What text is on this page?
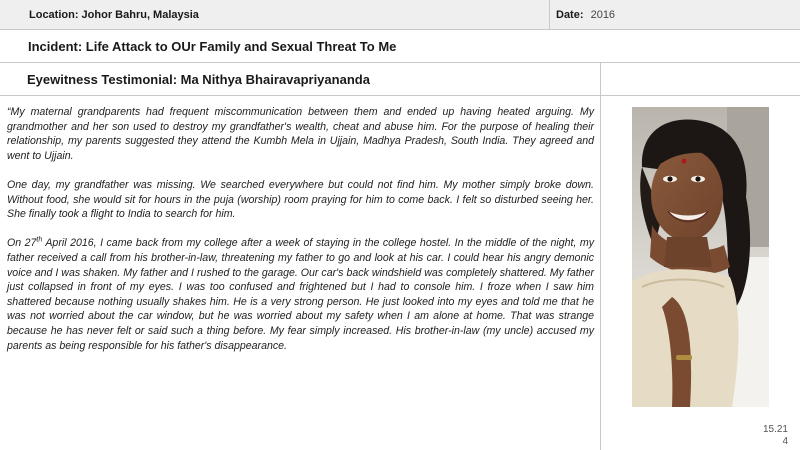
Location: Johor Bahru, Malaysia	Date: 2016
Incident: Life Attack to OUr Family and Sexual Threat To Me
Eyewitness Testimonial: Ma Nithya Bhairavapriyananda

“My maternal grandparents had frequent miscommunication between them and ended up having heated arguing. My grandmother and her son used to destroy my grandfather's wealth, cheat and abuse him. For the purpose of healing their relationship, my parents suggested they attend the Kumbh Mela in Ujjain, Madhya Pradesh, South India. They agreed and went to Ujjain.

One day, my grandfather was missing. We searched everywhere but could not find him. My mother simply broke down. Without food, she would sit for hours in the puja (worship) room praying for him to come back. I felt so disturbed seeing her. She finally took a flight to India to search for him.

On 27th April 2016, I came back from my college after a week of staying in the college hostel. In the middle of the night, my father received a call from his brother-in-law, threatening my father to go and look at his car. I could hear his angry demonic voice and I was shaken. My father and I rushed to the garage. Our car's back windshield was completely shattered. My father just collapsed in front of my eyes. I was too confused and frightened but I had to console him. I froze when I saw him shattered because nothing usually shakes him. He is a very strong person. He just looked into my eyes and told me that he was not worried about the car window, but he was worried about my safety when I am alone at home. That was strange because he has never felt or said such a thing before. My fear simply increased. His brother-in-law (my uncle) accused my parents as being responsible for his father's disappearance.

15.21
4
